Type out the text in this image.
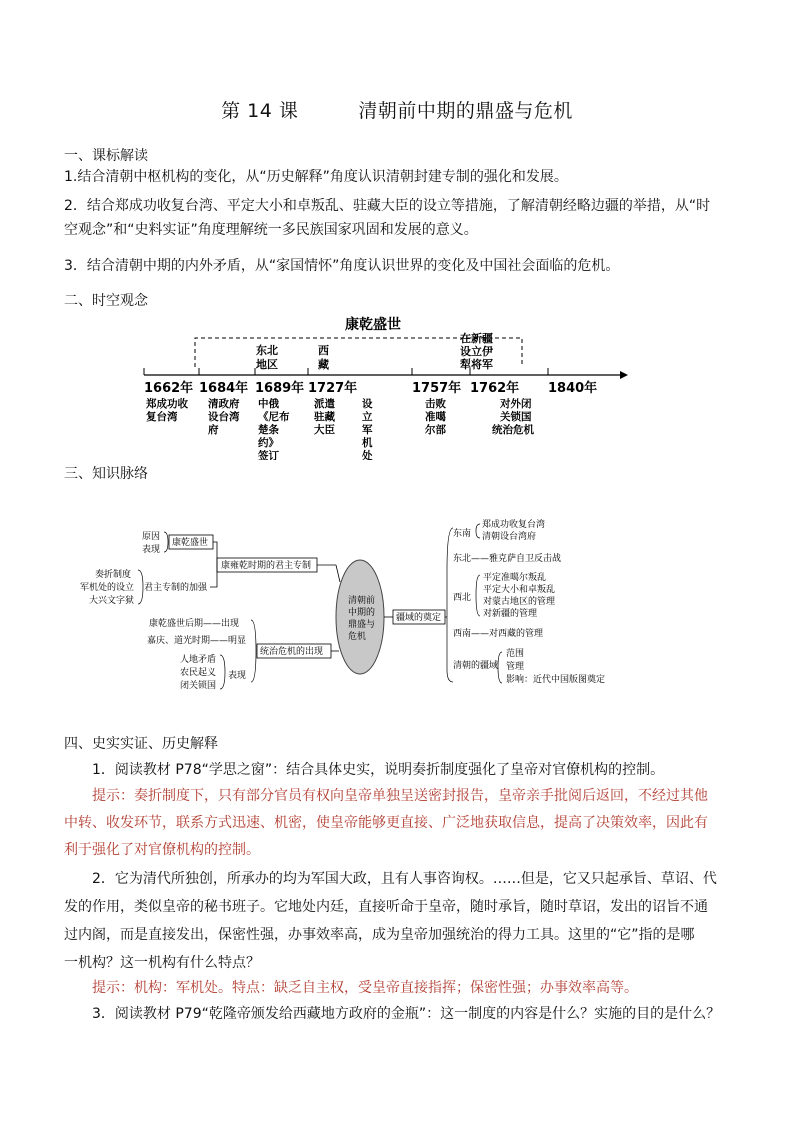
第 14 课	清朝前中期的鼎盛与危机
一、课标解读
1.结合清朝中枢机构的变化，从“历史解释”角度认识清朝封建专制的强化和发展。
2．结合郑成功收复台湾、平定大小和卓叛乱、驻藏大臣的设立等措施，了解清朝经略边疆的举措，从“时
空观念”和“史料实证”角度理解统一多民族国家巩固和发展的意义。
3．结合清朝中期的内外矛盾，从“家国情怀”角度认识世界的变化及中国社会面临的危机。
二、时空观念
康乾盛世
东北
地区
西
藏
在新疆
设立伊
犁将军
1662年 1684年 1689年 1727年	1757年 1762年 1840年
郑成功收
复台湾
清政府
设台湾
府
中俄
《尼布
楚条
约》
签订
派遣
驻藏
大臣
设
立
军
机
处
击败
准噶
尔部
对外闭
关锁国
统治危机
三、知识脉络
清朝前
中期的
鼎盛与
危机
康雍乾时期的君主专制
康乾盛世
原因
表现
君主专制的加强
奏折制度
军机处的设立
大兴文字狱
统治危机的出现
康乾盛世后期——出现
嘉庆、道光时期——明显
表现
人地矛盾
农民起义
闭关锁国
疆域的奠定
东南
郑成功收复台湾
清朝设台湾府
东北——雅克萨自卫反击战
西北
平定准噶尔叛乱
平定大小和卓叛乱
对蒙古地区的管理
对新疆的管理
西南——对西藏的管理
清朝的疆域
范围
管理
影响：近代中国版图奠定
四、史实实证、历史解释
1．阅读教材 P78“学思之窗”：结合具体史实，说明奏折制度强化了皇帝对官僚机构的控制。
提示：奏折制度下，只有部分官员有权向皇帝单独呈送密封报告，皇帝亲手批阅后返回，不经过其他
中转、收发环节，联系方式迅速、机密，使皇帝能够更直接、广泛地获取信息，提高了决策效率，因此有
利于强化了对官僚机构的控制。
2．它为清代所独创，所承办的均为军国大政，且有人事咨询权。……但是，它又只起承旨、草诏、代
发的作用，类似皇帝的秘书班子。它地处内廷，直接听命于皇帝，随时承旨，随时草诏，发出的诏旨不通
过内阁，而是直接发出，保密性强，办事效率高，成为皇帝加强统治的得力工具。这里的“它”指的是哪
一机构？这一机构有什么特点？
提示：机构：军机处。特点：缺乏自主权，受皇帝直接指挥；保密性强；办事效率高等。
3．阅读教材 P79“乾隆帝颁发给西藏地方政府的金瓶”：这一制度的内容是什么？实施的目的是什么？
